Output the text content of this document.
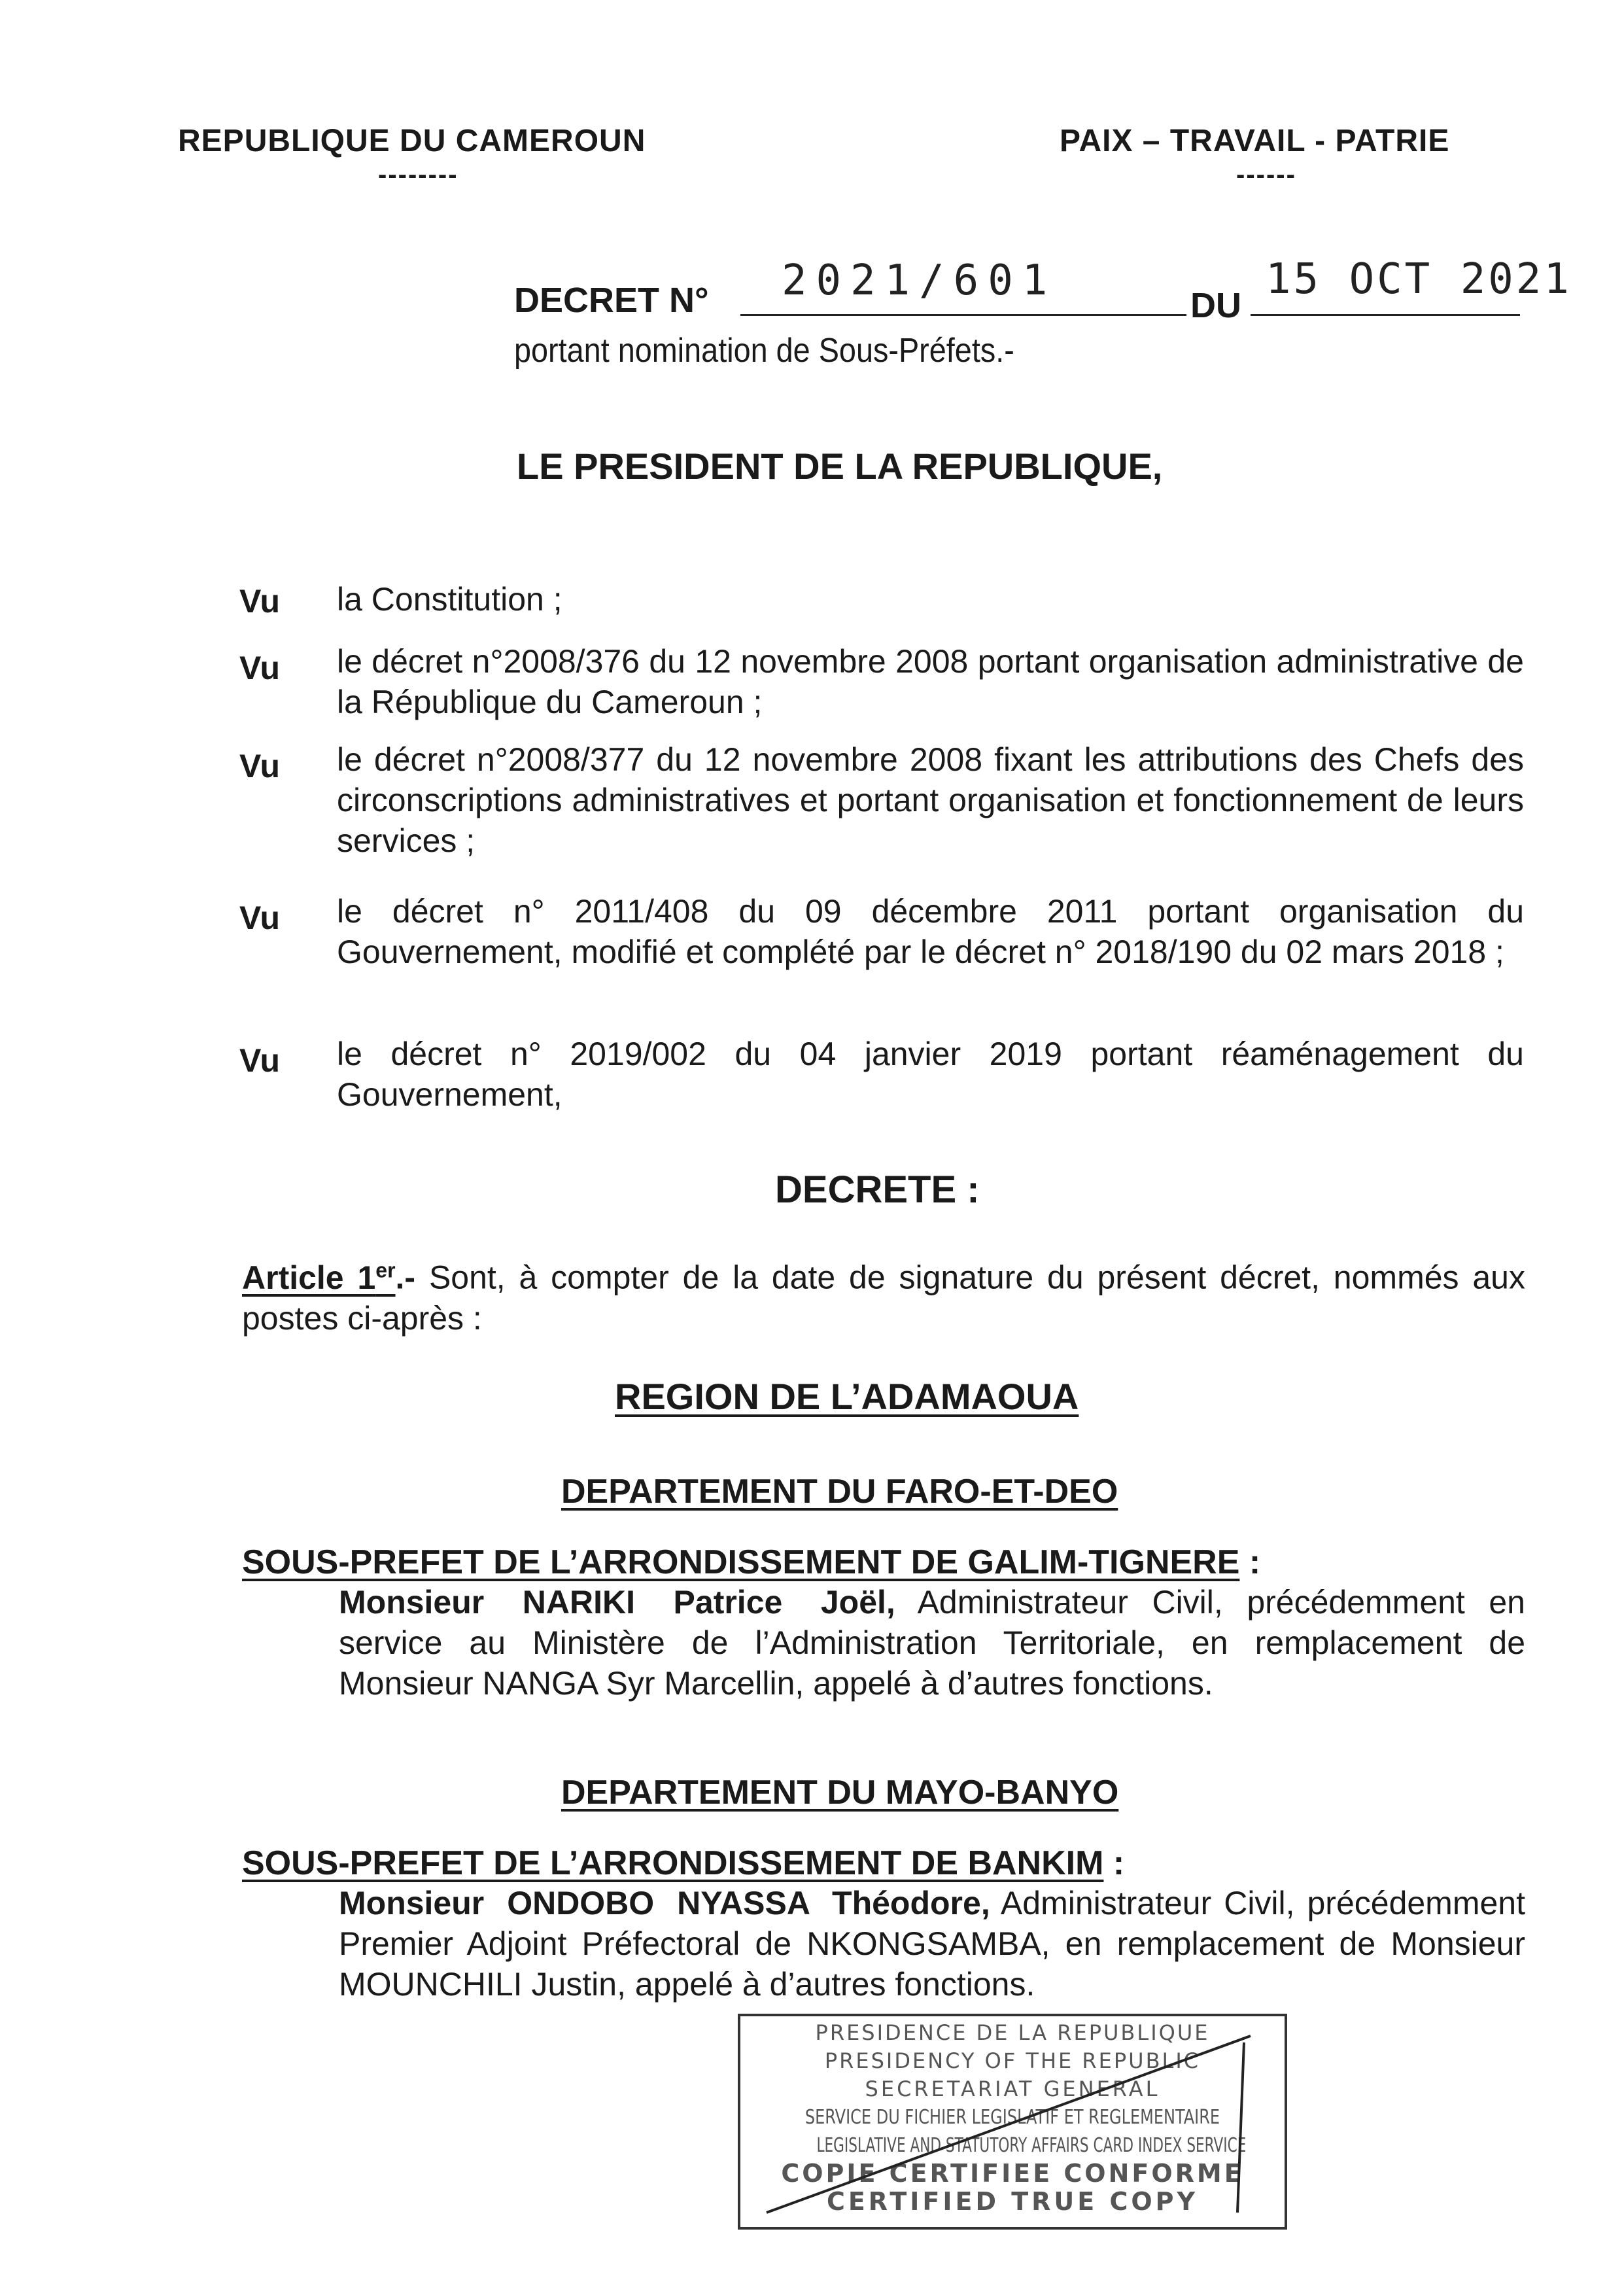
REPUBLIQUE DU CAMEROUN
--------
PAIX – TRAVAIL - PATRIE
------
DECRET N° 2021/601
DU
15 OCT 2021
portant nomination de Sous-Préfets.-
LE PRESIDENT DE LA REPUBLIQUE,
Vu la Constitution ;
Vu le décret n°2008/376 du 12 novembre 2008 portant organisation administrative de la République du Cameroun ;
Vu le décret n°2008/377 du 12 novembre 2008 fixant les attributions des Chefs des circonscriptions administratives et portant organisation et fonctionnement de leurs services ;
Vu le décret n° 2011/408 du 09 décembre 2011 portant organisation du Gouvernement, modifié et complété par le décret n° 2018/190 du 02 mars 2018 ;
Vu le décret n° 2019/002 du 04 janvier 2019 portant réaménagement du Gouvernement,
DECRETE :
Article 1er.- Sont, à compter de la date de signature du présent décret, nommés aux postes ci-après :
REGION DE L’ADAMAOUA
DEPARTEMENT DU FARO-ET-DEO
SOUS-PREFET DE L’ARRONDISSEMENT DE GALIM-TIGNERE :
Monsieur NARIKI Patrice Joël, Administrateur Civil, précédemment en service au Ministère de l’Administration Territoriale, en remplacement de Monsieur NANGA Syr Marcellin, appelé à d’autres fonctions.
DEPARTEMENT DU MAYO-BANYO
SOUS-PREFET DE L’ARRONDISSEMENT DE BANKIM :
Monsieur ONDOBO NYASSA Théodore, Administrateur Civil, précédemment Premier Adjoint Préfectoral de NKONGSAMBA, en remplacement de Monsieur MOUNCHILI Justin, appelé à d’autres fonctions.
PRESIDENCE DE LA REPUBLIQUE
PRESIDENCY OF THE REPUBLIC
SECRETARIAT GENERAL
SERVICE DU FICHIER LEGISLATIF ET REGLEMENTAIRE
LEGISLATIVE AND STATUTORY AFFAIRS CARD INDEX SERVICE
COPIE CERTIFIEE CONFORME
CERTIFIED TRUE COPY
